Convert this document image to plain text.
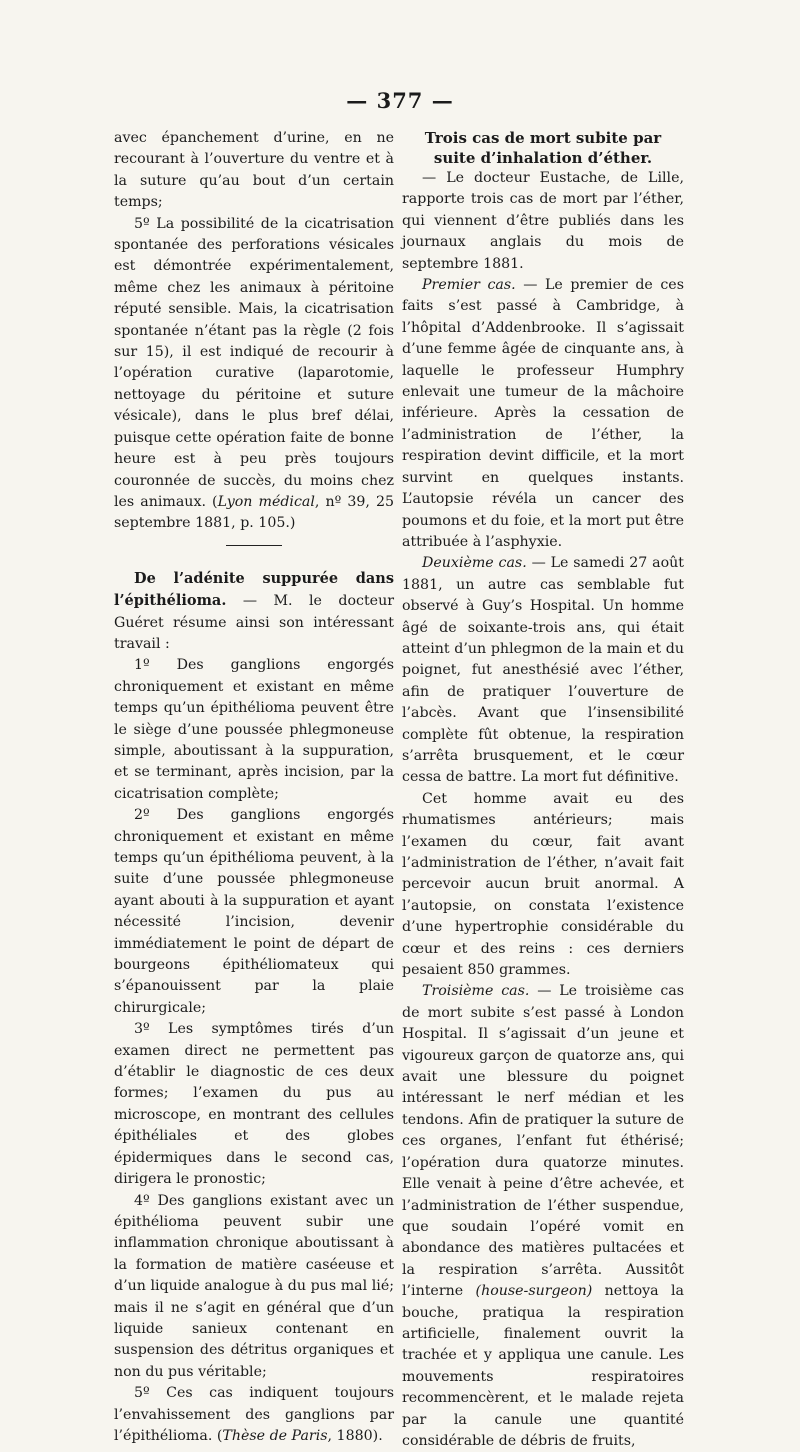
— 377 —

avec épanchement d’urine, en ne recourant à l’ouverture du ventre et à la suture qu’au bout d’un certain temps;

5º La possibilité de la cicatrisation spontanée des perforations vésicales est démontrée expérimentalement, même chez les animaux à péritoine réputé sensible. Mais, la cicatrisation spontanée n’étant pas la règle (2 fois sur 15), il est indiqué de recourir à l’opération curative (laparotomie, nettoyage du péritoine et suture vésicale), dans le plus bref délai, puisque cette opération faite de bonne heure est à peu près toujours couronnée de succès, du moins chez les animaux. (Lyon médical, nº 39, 25 septembre 1881, p. 105.)

De l’adénite suppurée dans l’épithélioma. — M. le docteur Guéret résume ainsi son intéressant travail :

1º Des ganglions engorgés chroniquement et existant en même temps qu’un épithélioma peuvent être le siège d’une poussée phlegmoneuse simple, aboutissant à la suppuration, et se terminant, après incision, par la cicatrisation complète;

2º Des ganglions engorgés chroniquement et existant en même temps qu’un épithélioma peuvent, à la suite d’une poussée phlegmoneuse ayant abouti à la suppuration et ayant nécessité l’incision, devenir immédiatement le point de départ de bourgeons épithéliomateux qui s’épanouissent par la plaie chirurgicale;

3º Les symptômes tirés d’un examen direct ne permettent pas d’établir le diagnostic de ces deux formes; l’examen du pus au microscope, en montrant des cellules épithéliales et des globes épidermiques dans le second cas, dirigera le pronostic;

4º Des ganglions existant avec un épithélioma peuvent subir une inflammation chronique aboutissant à la formation de matière caséeuse et d’un liquide analogue à du pus mal lié; mais il ne s’agit en général que d’un liquide sanieux contenant en suspension des détritus organiques et non du pus véritable;

5º Ces cas indiquent toujours l’envahissement des ganglions par l’épithélioma. (Thèse de Paris, 1880).

Trois cas de mort subite par suite d’inhalation d’éther.

— Le docteur Eustache, de Lille, rapporte trois cas de mort par l’éther, qui viennent d’être publiés dans les journaux anglais du mois de septembre 1881.

Premier cas. — Le premier de ces faits s’est passé à Cambridge, à l’hôpital d’Addenbrooke. Il s’agissait d’une femme âgée de cinquante ans, à laquelle le professeur Humphry enlevait une tumeur de la mâchoire inférieure. Après la cessation de l’administration de l’éther, la respiration devint difficile, et la mort survint en quelques instants. L’autopsie révéla un cancer des poumons et du foie, et la mort put être attribuée à l’asphyxie.

Deuxième cas. — Le samedi 27 août 1881, un autre cas semblable fut observé à Guy’s Hospital. Un homme âgé de soixante-trois ans, qui était atteint d’un phlegmon de la main et du poignet, fut anesthésié avec l’éther, afin de pratiquer l’ouverture de l’abcès. Avant que l’insensibilité complète fût obtenue, la respiration s’arrêta brusquement, et le cœur cessa de battre. La mort fut définitive.

Cet homme avait eu des rhumatismes antérieurs; mais l’examen du cœur, fait avant l’administration de l’éther, n’avait fait percevoir aucun bruit anormal. A l’autopsie, on constata l’existence d’une hypertrophie considérable du cœur et des reins : ces derniers pesaient 850 grammes.

Troisième cas. — Le troisième cas de mort subite s’est passé à London Hospital. Il s’agissait d’un jeune et vigoureux garçon de quatorze ans, qui avait une blessure du poignet intéressant le nerf médian et les tendons. Afin de pratiquer la suture de ces organes, l’enfant fut éthérisé; l’opération dura quatorze minutes. Elle venait à peine d’être achevée, et l’administration de l’éther suspendue, que soudain l’opéré vomit en abondance des matières pultacées et la respiration s’arrêta. Aussitôt l’interne (house-surgeon) nettoya la bouche, pratiqua la respiration artificielle, finalement ouvrit la trachée et y appliqua une canule. Les mouvements respiratoires recommencèrent, et le malade rejeta par la canule une quantité considérable de débris de fruits,
